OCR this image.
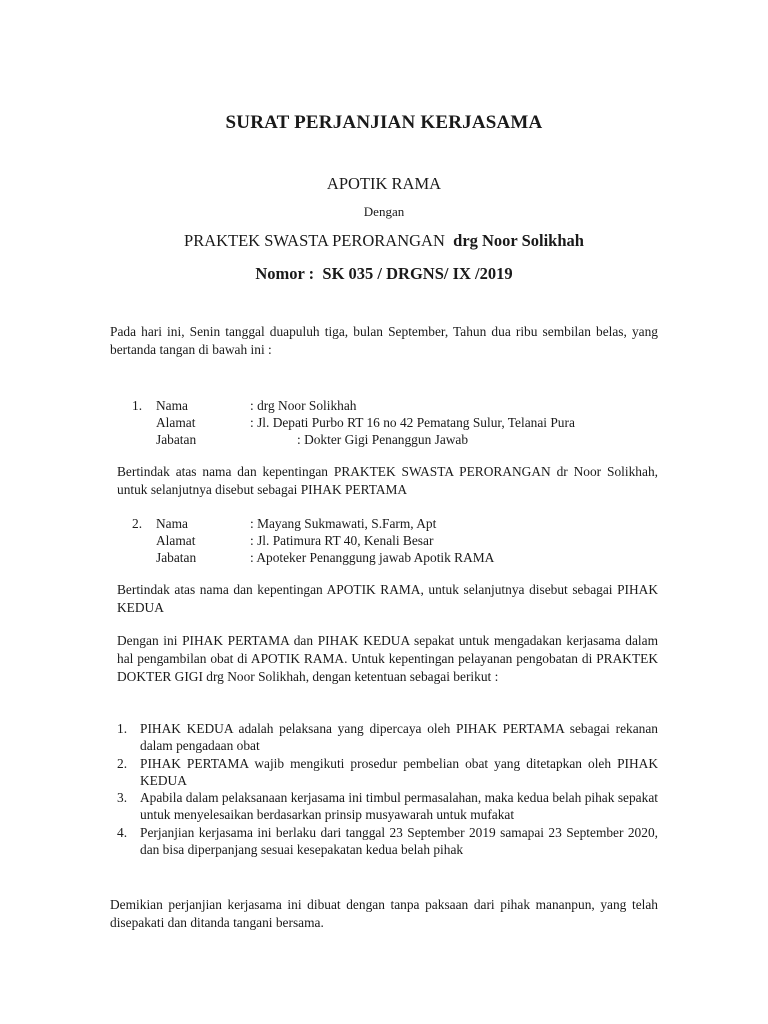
SURAT PERJANJIAN KERJASAMA
APOTIK RAMA
Dengan
PRAKTEK SWASTA PERORANGAN drg Noor Solikhah
Nomor : SK 035 / DRGNS/ IX /2019
Pada hari ini, Senin tanggal duapuluh tiga, bulan September, Tahun dua ribu sembilan belas, yang bertanda tangan di bawah ini :
1. Nama	: drg Noor Solikhah
Alamat	: Jl. Depati Purbo RT 16 no 42 Pematang Sulur, Telanai Pura
Jabatan	: Dokter Gigi Penanggun Jawab
Bertindak atas nama dan kepentingan PRAKTEK SWASTA PERORANGAN dr Noor Solikhah, untuk selanjutnya disebut sebagai PIHAK PERTAMA
2. Nama	: Mayang Sukmawati, S.Farm, Apt
Alamat	: Jl. Patimura RT 40, Kenali Besar
Jabatan	: Apoteker Penanggung jawab Apotik RAMA
Bertindak atas nama dan kepentingan APOTIK RAMA, untuk selanjutnya disebut sebagai PIHAK KEDUA
Dengan ini PIHAK PERTAMA dan PIHAK KEDUA sepakat untuk mengadakan kerjasama dalam hal pengambilan obat di APOTIK RAMA. Untuk kepentingan pelayanan pengobatan di PRAKTEK DOKTER GIGI drg Noor Solikhah, dengan ketentuan sebagai berikut :
1. PIHAK KEDUA adalah pelaksana yang dipercaya oleh PIHAK PERTAMA sebagai rekanan dalam pengadaan obat
2. PIHAK PERTAMA wajib mengikuti prosedur pembelian obat yang ditetapkan oleh PIHAK KEDUA
3. Apabila dalam pelaksanaan kerjasama ini timbul permasalahan, maka kedua belah pihak sepakat untuk menyelesaikan berdasarkan prinsip musyawarah untuk mufakat
4. Perjanjian kerjasama ini berlaku dari tanggal 23 September 2019 samapai 23 September 2020, dan bisa diperpanjang sesuai kesepakatan kedua belah pihak
Demikian perjanjian kerjasama ini dibuat dengan tanpa paksaan dari pihak mananpun, yang telah disepakati dan ditanda tangani bersama.
